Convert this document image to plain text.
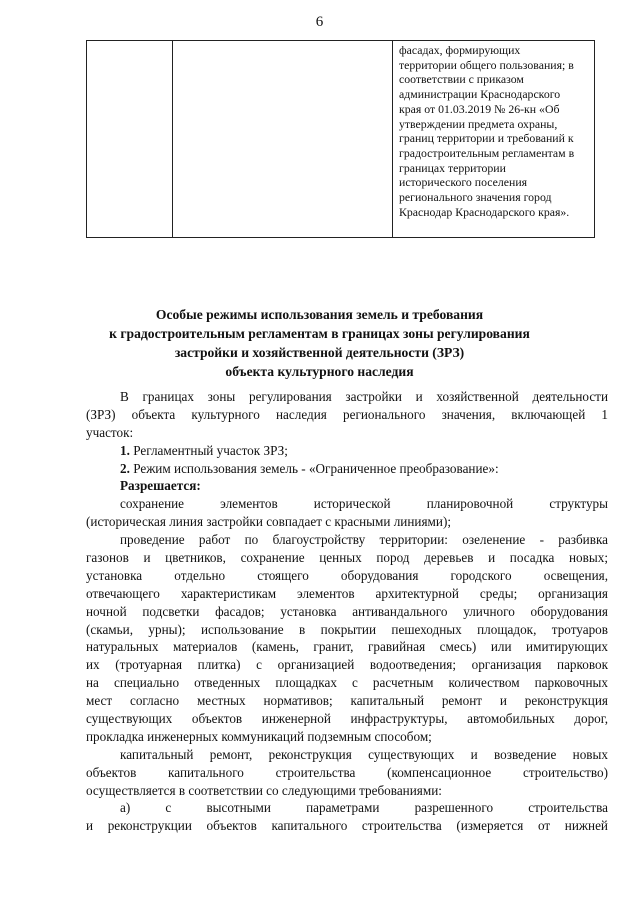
6

фасадах, формирующих
территории общего пользования; в
соответствии с приказом
администрации Краснодарского
края от 01.03.2019 № 26-кн «Об
утверждении предмета охраны,
границ территории и требований к
градостроительным регламентам в
границах территории
исторического поселения
регионального значения город
Краснодар Краснодарского края».
Особые режимы использования земель и требования
к градостроительным регламентам в границах зоны регулирования
застройки и хозяйственной деятельности (ЗРЗ)
объекта культурного наследия
В границах зоны регулирования застройки и хозяйственной деятельности
(ЗРЗ) объекта культурного наследия регионального значения, включающей 1
участок:
1. Регламентный участок ЗРЗ;
2. Режим использования земель - «Ограниченное преобразование»:
Разрешается:
сохранение элементов исторической планировочной структуры
(историческая линия застройки совпадает с красными линиями);
проведение работ по благоустройству территории: озеленение - разбивка
газонов и цветников, сохранение ценных пород деревьев и посадка новых;
установка отдельно стоящего оборудования городского освещения,
отвечающего характеристикам элементов архитектурной среды; организация
ночной подсветки фасадов; установка антивандального уличного оборудования
(скамьи, урны); использование в покрытии пешеходных площадок, тротуаров
натуральных материалов (камень, гранит, гравийная смесь) или имитирующих
их (тротуарная плитка) с организацией водоотведения; организация парковок
на специально отведенных площадках с расчетным количеством парковочных
мест согласно местных нормативов; капитальный ремонт и реконструкция
существующих объектов инженерной инфраструктуры, автомобильных дорог,
прокладка инженерных коммуникаций подземным способом;
капитальный ремонт, реконструкция существующих и возведение новых
объектов капитального строительства (компенсационное строительство)
осуществляется в соответствии со следующими требованиями:
а) с высотными параметрами разрешенного строительства
и реконструкции объектов капитального строительства (измеряется от нижней
